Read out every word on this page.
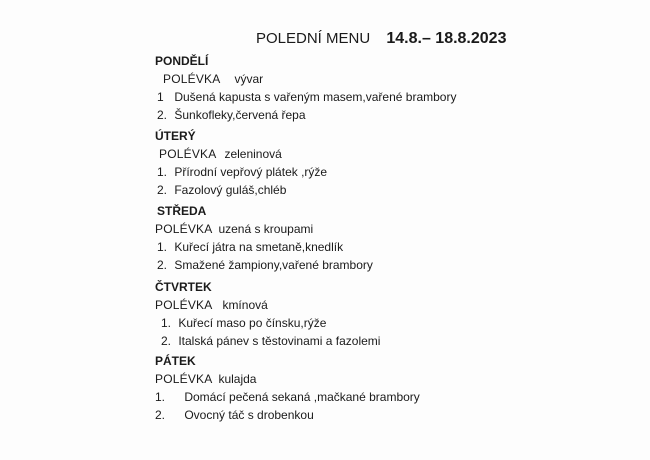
POLEDNÍ MENU 14.8.– 18.8.2023
PONDĚLÍ
POLÉVKA vývar
1 Dušená kapusta s vařeným masem,vařené brambory
2. Šunkofleky,červená řepa
ÚTERÝ
POLÉVKA zeleninová
1. Přírodní vepřový plátek ,rýže
2. Fazolový guláš,chléb
STŘEDA
POLÉVKA uzená s kroupami
1. Kuřecí játra na smetaně,knedlík
2. Smažené žampiony,vařené brambory
ČTVRTEK
POLÉVKA kmínová
1. Kuřecí maso po čínsku,rýže
2. Italská pánev s těstovinami a fazolemi
PÁTEK
POLÉVKA kulajda
1. Domácí pečená sekaná ,mačkané brambory
2. Ovocný táč s drobenkou
